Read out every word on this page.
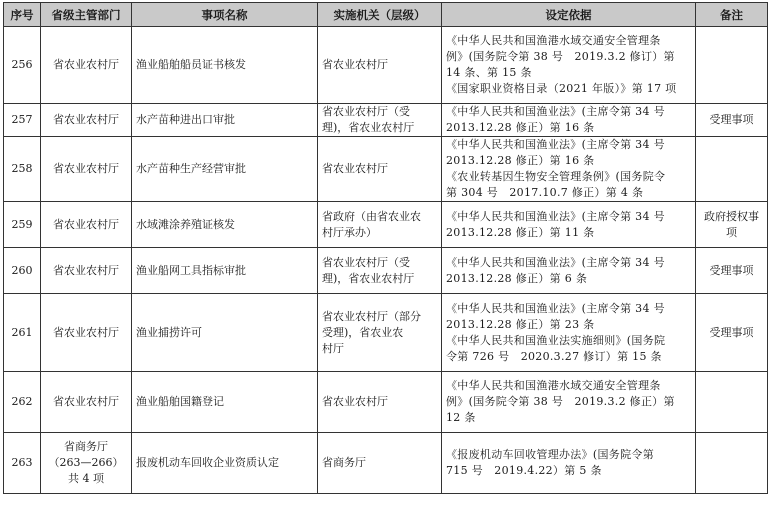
序号	省级主管部门	事项名称	实施机关（层级）	设定依据	备注
256	省农业农村厅	渔业船舶船员证书核发	省农业农村厅	《中华人民共和国渔港水域交通安全管理条
例》(国务院令第 38 号　2019.3.2 修订）第
14 条、第 15 条
《国家职业资格目录（2021 年版）》第 17 项	

257	省农业农村厅	水产苗种进出口审批	省农业农村厅（受
理)，省农业农村厅	《中华人民共和国渔业法》(主席令第 34 号
2013.12.28 修正）第 16 条	受理事项
258	省农业农村厅	水产苗种生产经营审批	省农业农村厅	《中华人民共和国渔业法》(主席令第 34 号
2013.12.28 修正）第 16 条
《农业转基因生物安全管理条例》(国务院令
第 304 号　2017.10.7 修正）第 4 条	

259	省农业农村厅	水域滩涂养殖证核发	省政府（由省农业农
村厅承办）	《中华人民共和国渔业法》(主席令第 34 号
2013.12.28 修正）第 11 条	政府授权事项
260	省农业农村厅	渔业船网工具指标审批	省农业农村厅（受
理)，省农业农村厅	《中华人民共和国渔业法》(主席令第 34 号
2013.12.28 修正）第 6 条	受理事项
261	省农业农村厅	渔业捕捞许可	省农业农村厅（部分
受理)，省农业农
村厅	《中华人民共和国渔业法》(主席令第 34 号
2013.12.28 修正）第 23 条
《中华人民共和国渔业法实施细则》(国务院
令第 726 号　2020.3.27 修订）第 15 条	受理事项
262	省农业农村厅	渔业船舶国籍登记	省农业农村厅	《中华人民共和国渔港水域交通安全管理条
例》(国务院令第 38 号　2019.3.2 修正）第
12 条	

263	省商务厅
（263—266）
共 4 项	报废机动车回收企业资质认定	省商务厅	《报废机动车回收管理办法》(国务院令第
715 号　2019.4.22）第 5 条	
